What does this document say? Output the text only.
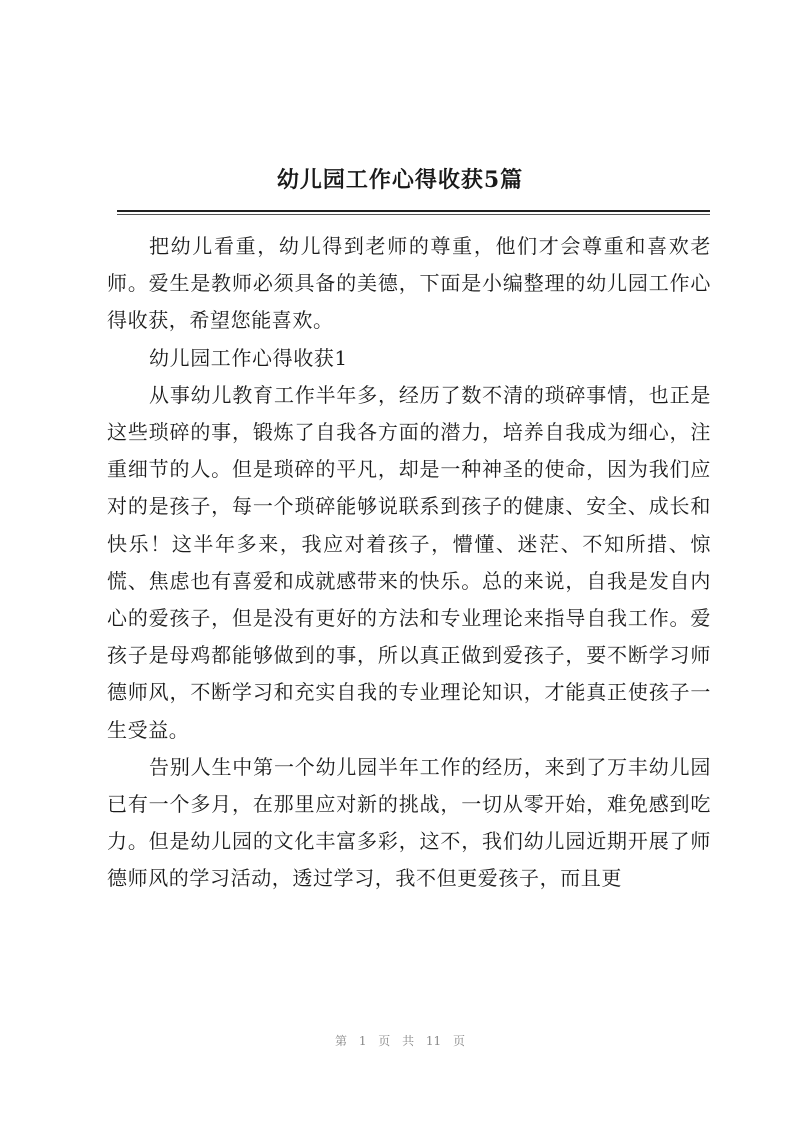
幼儿园工作心得收获5篇

把幼儿看重，幼儿得到老师的尊重，他们才会尊重和喜欢老师。爱生是教师必须具备的美德，下面是小编整理的幼儿园工作心得收获，希望您能喜欢。

幼儿园工作心得收获1

从事幼儿教育工作半年多，经历了数不清的琐碎事情，也正是这些琐碎的事，锻炼了自我各方面的潜力，培养自我成为细心，注重细节的人。但是琐碎的平凡，却是一种神圣的使命，因为我们应对的是孩子，每一个琐碎能够说联系到孩子的健康、安全、成长和快乐！这半年多来，我应对着孩子，懵懂、迷茫、不知所措、惊慌、焦虑也有喜爱和成就感带来的快乐。总的来说，自我是发自内心的爱孩子，但是没有更好的方法和专业理论来指导自我工作。爱孩子是母鸡都能够做到的事，所以真正做到爱孩子，要不断学习师德师风，不断学习和充实自我的专业理论知识，才能真正使孩子一生受益。

告别人生中第一个幼儿园半年工作的经历，来到了万丰幼儿园已有一个多月，在那里应对新的挑战，一切从零开始，难免感到吃力。但是幼儿园的文化丰富多彩，这不，我们幼儿园近期开展了师德师风的学习活动，透过学习，我不但更爱孩子，而且更

第 1 页 共 11 页
